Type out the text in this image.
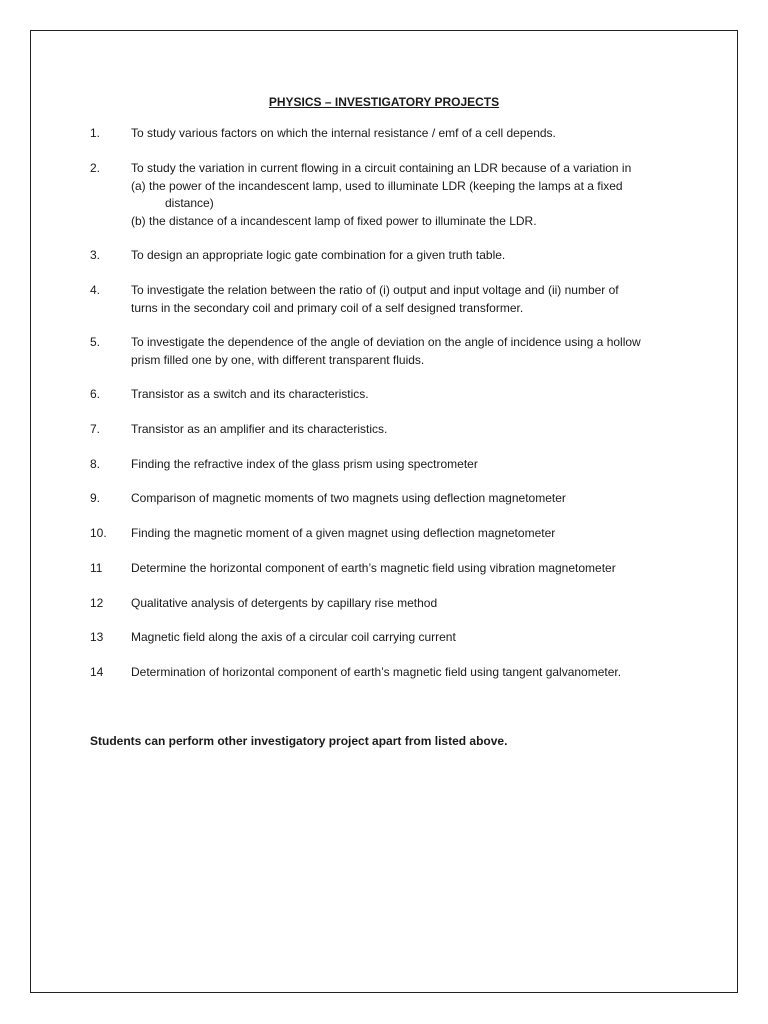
PHYSICS – INVESTIGATORY PROJECTS
1.	To study various factors on which the internal resistance / emf of a cell depends.
2.	To study the variation in current flowing in a circuit containing an LDR because of a variation in
(a) the power of the incandescent lamp, used to illuminate LDR (keeping the lamps at a fixed
distance)
(b) the distance of a incandescent lamp of fixed power to illuminate the LDR.
3.	To design an appropriate logic gate combination for a given truth table.
4.	To investigate the relation between the ratio of (i) output and input voltage and (ii) number of
turns in the secondary coil and primary coil of a self designed transformer.
5.	To investigate the dependence of the angle of deviation on the angle of incidence using a hollow
prism filled one by one, with different transparent fluids.
6.	Transistor as a switch and its characteristics.
7.	Transistor as an amplifier and its characteristics.
8.	Finding the refractive index of the glass prism using spectrometer
9.	Comparison of magnetic moments of two magnets using deflection magnetometer
10. Finding the magnetic moment of a given magnet using deflection magnetometer
11 Determine the horizontal component of earth’s magnetic field using vibration magnetometer
12 Qualitative analysis of detergents by capillary rise method
13 Magnetic field along the axis of a circular coil carrying current
14 Determination of horizontal component of earth’s magnetic field using tangent galvanometer.
Students can perform other investigatory project apart from listed above.
